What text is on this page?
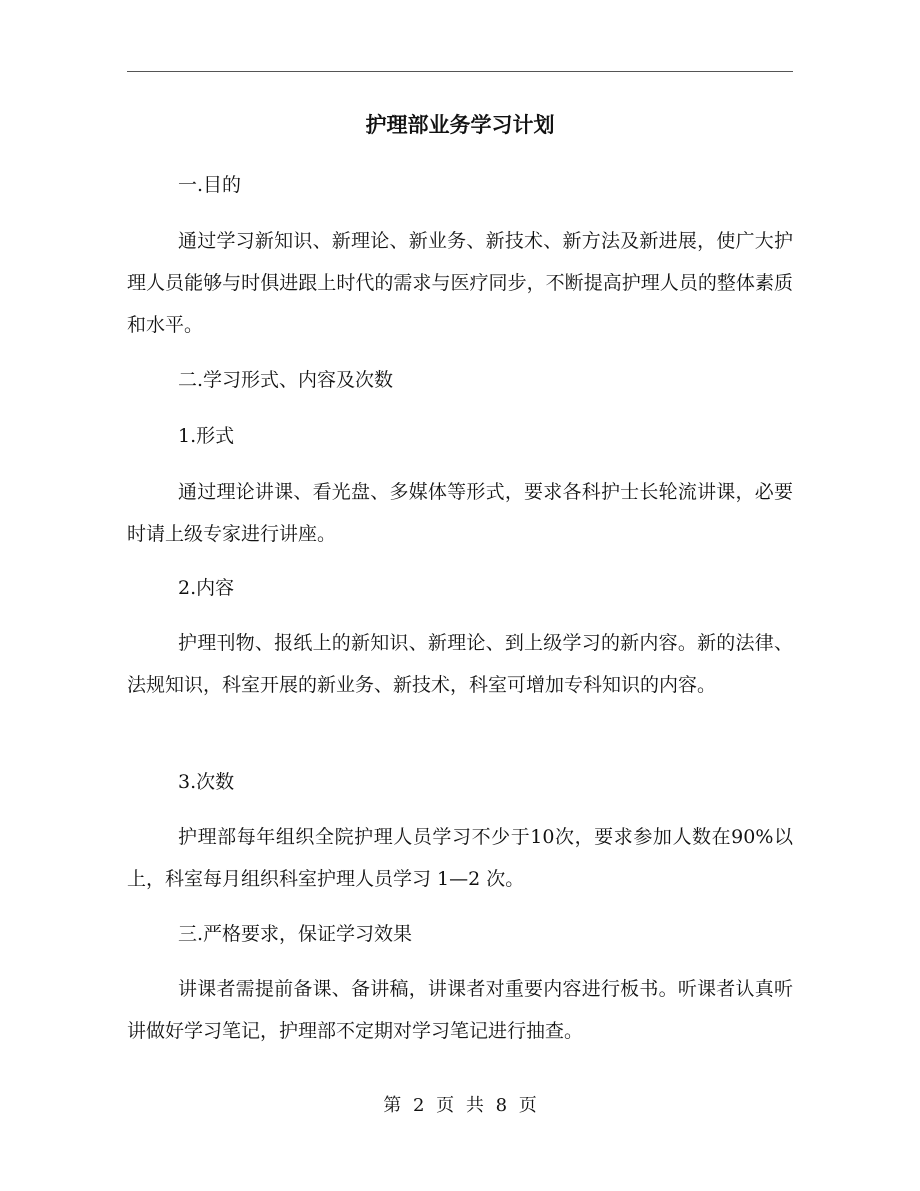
护理部业务学习计划
一.目的
通过学习新知识、新理论、新业务、新技术、新方法及新进展，使广大护理人员能够与时俱进跟上时代的需求与医疗同步，不断提高护理人员的整体素质和水平。
二.学习形式、内容及次数
1.形式
通过理论讲课、看光盘、多媒体等形式，要求各科护士长轮流讲课，必要时请上级专家进行讲座。
2.内容
护理刊物、报纸上的新知识、新理论、到上级学习的新内容。新的法律、法规知识，科室开展的新业务、新技术，科室可增加专科知识的内容。
3.次数
护理部每年组织全院护理人员学习不少于10次，要求参加人数在90%以上，科室每月组织科室护理人员学习 1—2 次。
三.严格要求，保证学习效果
讲课者需提前备课、备讲稿，讲课者对重要内容进行板书。听课者认真听讲做好学习笔记，护理部不定期对学习笔记进行抽查。
第 2 页 共 8 页
